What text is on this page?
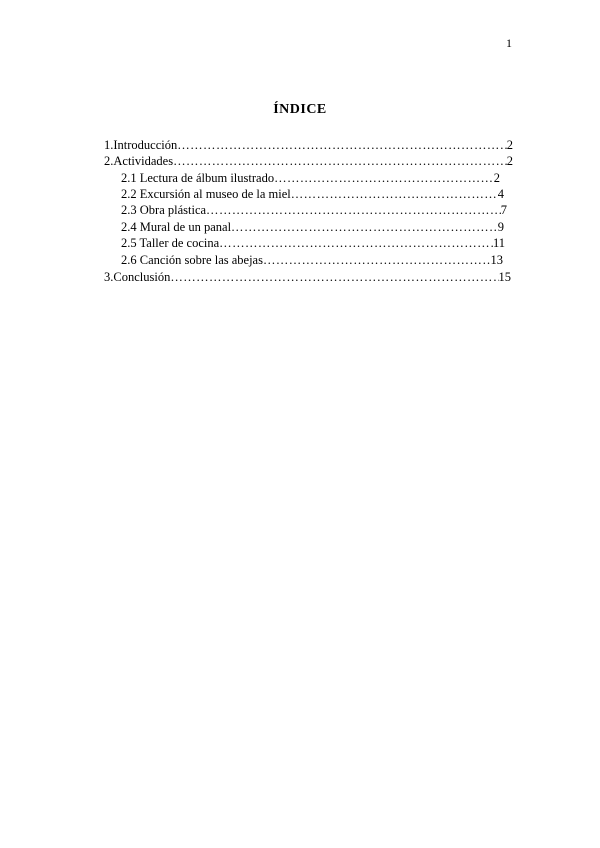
1
ÍNDICE
1. Introducción …………………………………………………………………………………………………………………………………………	2
2. Actividades …………………………………………………………………………………………………………………………………………	2
2.1 Lectura de álbum ilustrado …………………………………………………………………………………………………………………………………………	2
2.2 Excursión al museo de la miel …………………………………………………………………………………………………………………………………………	4
2.3 Obra plástica …………………………………………………………………………………………………………………………………………	7
2.4 Mural de un panal …………………………………………………………………………………………………………………………………………	9
2.5 Taller de cocina …………………………………………………………………………………………………………………………………………	11
2.6 Canción sobre las abejas …………………………………………………………………………………………………………………………………………	13
3. Conclusión …………………………………………………………………………………………………………………………………………	15
